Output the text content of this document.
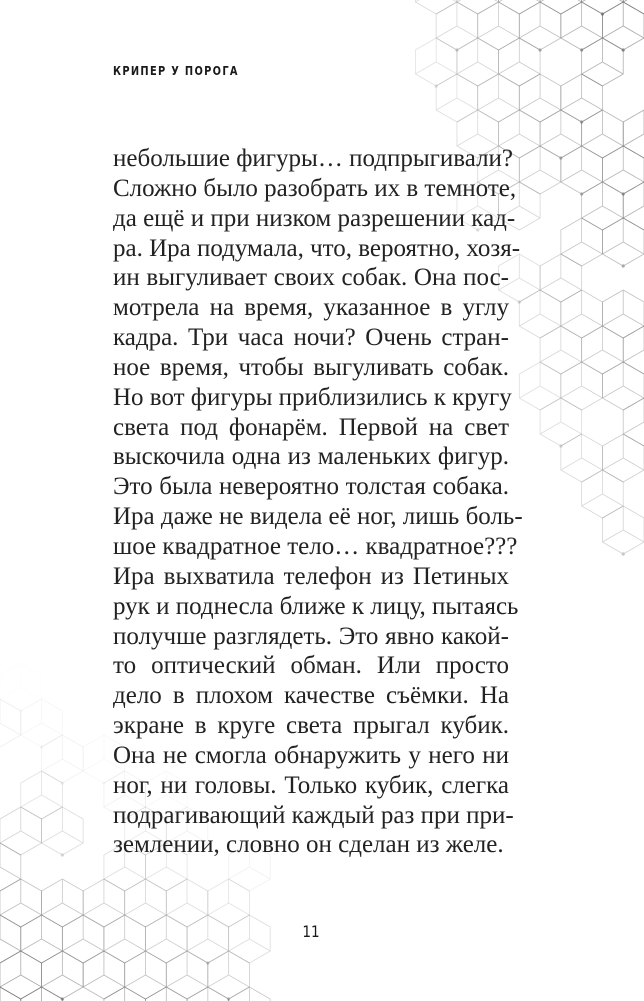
КРИПЕР У ПОРОГА
небольшие фигуры… подпрыгивали?
Сложно было разобрать их в темноте,
да ещё и при низком разрешении кад-
ра. Ира подумала, что, вероятно, хозя-
ин выгуливает своих собак. Она пос-
мотрела на время, указанное в углу
кадра. Три часа ночи? Очень стран-
ное время, чтобы выгуливать собак.
Но вот фигуры приблизились к кругу
света под фонарём. Первой на свет
выскочила одна из маленьких фигур.
Это была невероятно толстая собака.
Ира даже не видела её ног, лишь боль-
шое квадратное тело… квадратное???
Ира выхватила телефон из Петиных
рук и поднесла ближе к лицу, пытаясь
получше разглядеть. Это явно какой-
то оптический обман. Или просто
дело в плохом качестве съёмки. На
экране в круге света прыгал кубик.
Она не смогла обнаружить у него ни
ног, ни головы. Только кубик, слегка
подрагивающий каждый раз при при-
землении, словно он сделан из желе.
11
